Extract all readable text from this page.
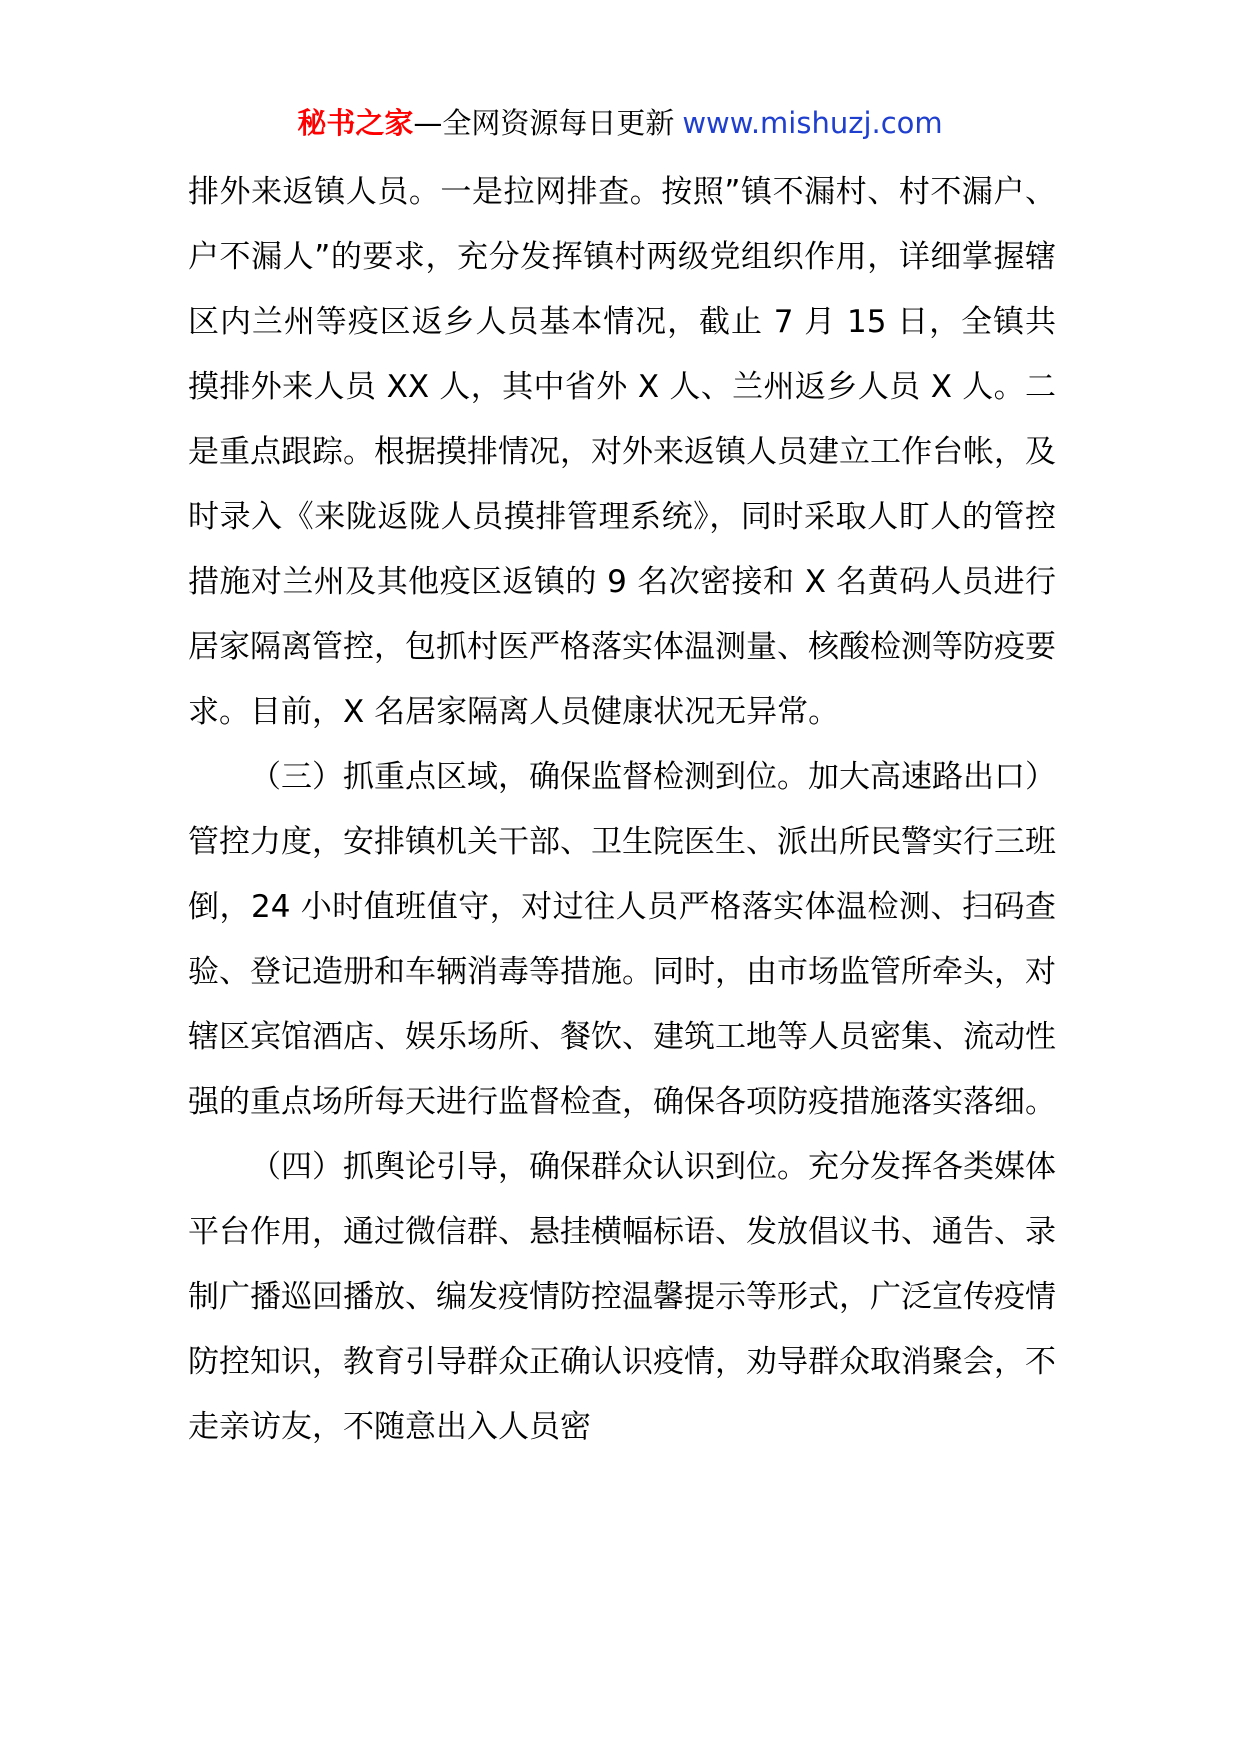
秘书之家—全网资源每日更新 www.mishuzj.com

排外来返镇人员。一是拉网排查。按照”镇不漏村、村不漏户、户不漏人”的要求，充分发挥镇村两级党组织作用，详细掌握辖区内兰州等疫区返乡人员基本情况，截止 7 月 15 日，全镇共摸排外来人员 XX 人，其中省外 X 人、兰州返乡人员 X 人。二是重点跟踪。根据摸排情况，对外来返镇人员建立工作台帐，及时录入《来陇返陇人员摸排管理系统》，同时采取人盯人的管控措施对兰州及其他疫区返镇的 9 名次密接和 X 名黄码人员进行居家隔离管控，包抓村医严格落实体温测量、核酸检测等防疫要求。目前，X 名居家隔离人员健康状况无异常。

（三）抓重点区域，确保监督检测到位。加大高速路出口）管控力度，安排镇机关干部、卫生院医生、派出所民警实行三班倒，24 小时值班值守，对过往人员严格落实体温检测、扫码查验、登记造册和车辆消毒等措施。同时，由市场监管所牵头，对辖区宾馆酒店、娱乐场所、餐饮、建筑工地等人员密集、流动性强的重点场所每天进行监督检查，确保各项防疫措施落实落细。

（四）抓舆论引导，确保群众认识到位。充分发挥各类媒体平台作用，通过微信群、悬挂横幅标语、发放倡议书、通告、录制广播巡回播放、编发疫情防控温馨提示等形式，广泛宣传疫情防控知识，教育引导群众正确认识疫情，劝导群众取消聚会，不走亲访友，不随意出入人员密
